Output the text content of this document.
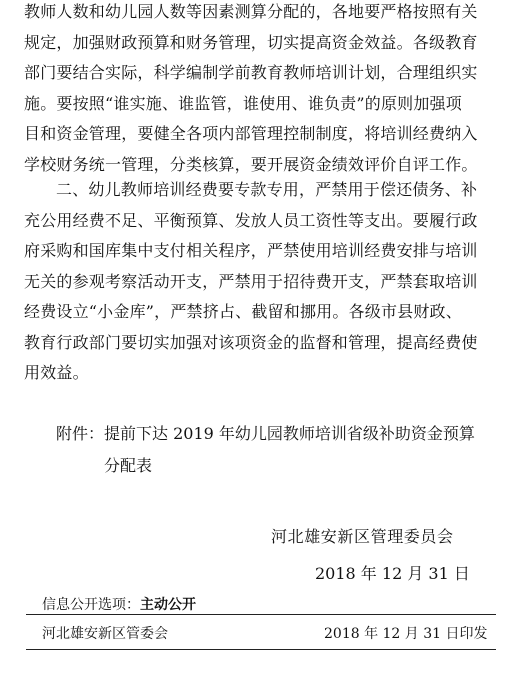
教师人数和幼儿园人数等因素测算分配的，各地要严格按照有关
规定，加强财政预算和财务管理，切实提高资金效益。各级教育
部门要结合实际，科学编制学前教育教师培训计划，合理组织实
施。要按照“谁实施、谁监管，谁使用、谁负责”的原则加强项
目和资金管理，要健全各项内部管理控制制度，将培训经费纳入
学校财务统一管理，分类核算，要开展资金绩效评价自评工作。
二、幼儿教师培训经费要专款专用，严禁用于偿还债务、补
充公用经费不足、平衡预算、发放人员工资性等支出。要履行政
府采购和国库集中支付相关程序，严禁使用培训经费安排与培训
无关的参观考察活动开支，严禁用于招待费开支，严禁套取培训
经费设立“小金库”，严禁挤占、截留和挪用。各级市县财政、
教育行政部门要切实加强对该项资金的监督和管理，提高经费使
用效益。
附件：提前下达 2019 年幼儿园教师培训省级补助资金预算
分配表
河北雄安新区管理委员会
2018 年 12 月 31 日
信息公开选项：主动公开
河北雄安新区管委会	2018 年 12 月 31 日印发
